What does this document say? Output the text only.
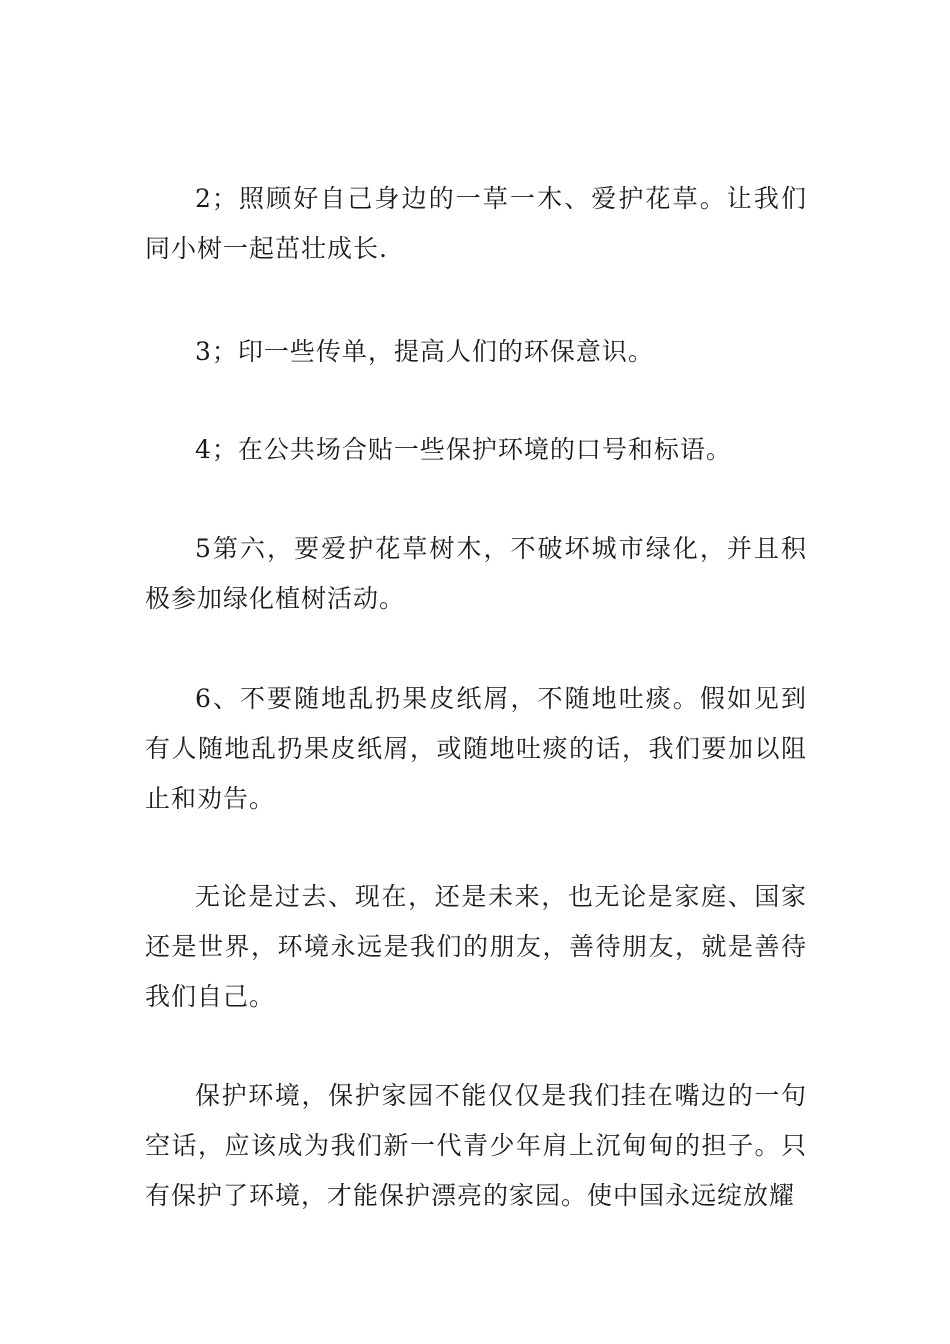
2；照顾好自己身边的一草一木、爱护花草。让我们同小树一起茁壮成长.

3；印一些传单，提高人们的环保意识。

4；在公共场合贴一些保护环境的口号和标语。

5第六，要爱护花草树木，不破坏城市绿化，并且积极参加绿化植树活动。

6、不要随地乱扔果皮纸屑，不随地吐痰。假如见到有人随地乱扔果皮纸屑，或随地吐痰的话，我们要加以阻止和劝告。

无论是过去、现在，还是未来，也无论是家庭、国家还是世界，环境永远是我们的朋友，善待朋友，就是善待我们自己。

保护环境，保护家园不能仅仅是我们挂在嘴边的一句空话，应该成为我们新一代青少年肩上沉甸甸的担子。只有保护了环境，才能保护漂亮的家园。使中国永远绽放耀
